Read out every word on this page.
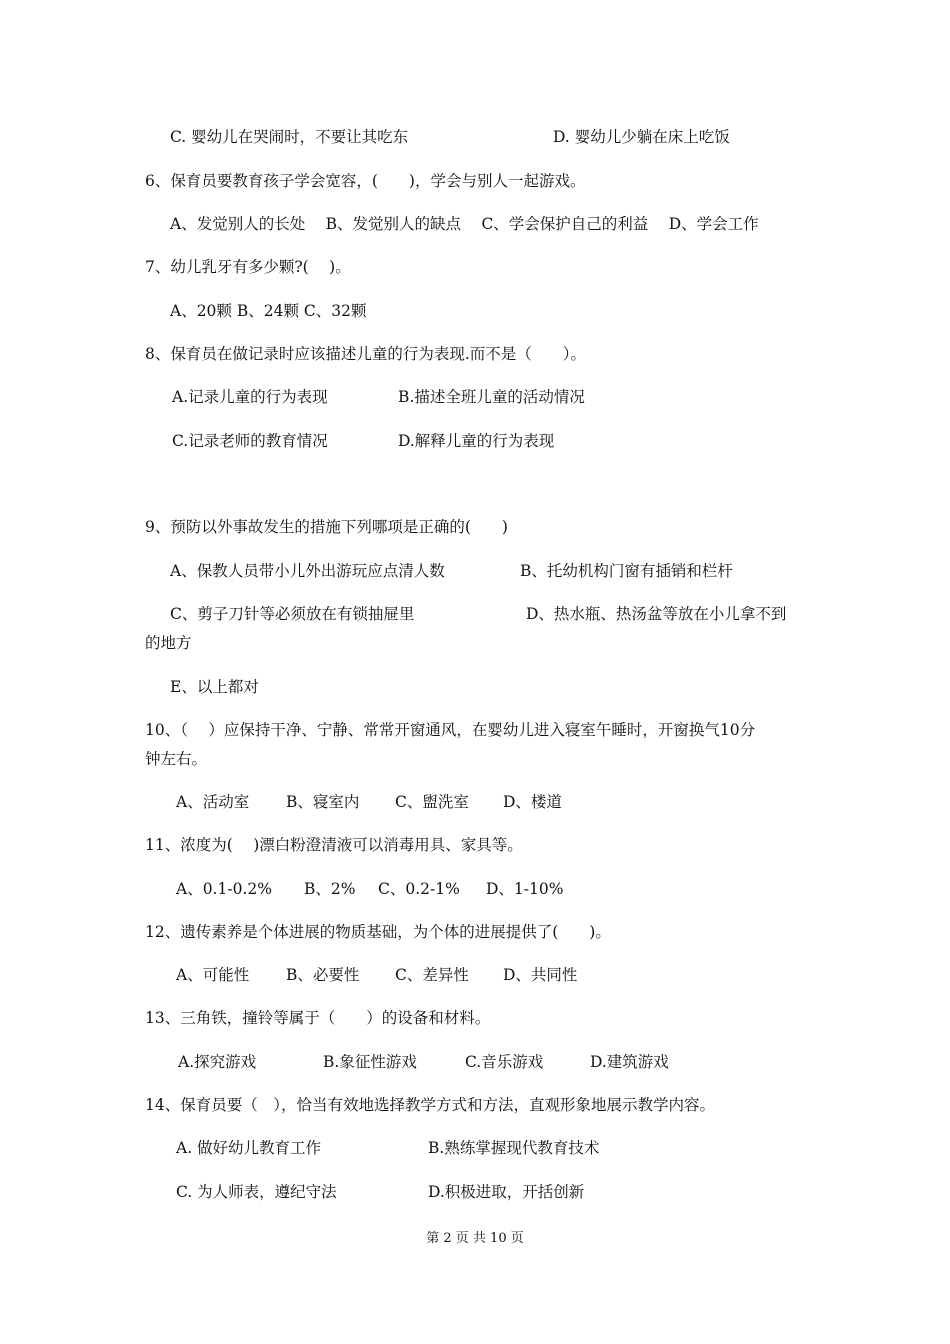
C. 婴幼儿在哭闹时，不要让其吃东	D. 婴幼儿少躺在床上吃饭
6、保育员要教育孩子学会宽容，(　　)，学会与别人一起游戏。
A、发觉别人的长处　 B、发觉别人的缺点　 C、学会保护自己的利益　 D、学会工作
7、幼儿乳牙有多少颗?(　 )。
A、20颗 B、24颗 C、32颗
8、保育员在做记录时应该描述儿童的行为表现.而不是（　　）。
A.记录儿童的行为表现	B.描述全班儿童的活动情况
C.记录老师的教育情况	D.解释儿童的行为表现
9、预防以外事故发生的措施下列哪项是正确的(　　)
A、保教人员带小儿外出游玩应点清人数	B、托幼机构门窗有插销和栏杆
C、剪子刀针等必须放在有锁抽屉里	D、热水瓶、热汤盆等放在小儿拿不到
的地方
E、以上都对
10、（　 ）应保持干净、宁静、常常开窗通风，在婴幼儿进入寝室午睡时，开窗换气10分
钟左右。
A、活动室 B、寝室内 C、盥洗室 D、楼道
11、浓度为(　 )漂白粉澄清液可以消毒用具、家具等。
A、0.1-0.2% B、2% C、0.2-1% D、1-10%
12、遗传素养是个体进展的物质基础，为个体的进展提供了(　　)。
A、可能性 B、必要性 C、差异性 D、共同性
13、三角铁，撞铃等属于（　　）的设备和材料。
A.探究游戏	B.象征性游戏	C.音乐游戏	D.建筑游戏
14、保育员要（　），恰当有效地选择教学方式和方法，直观形象地展示教学内容。
A. 做好幼儿教育工作	B.熟练掌握现代教育技术
C. 为人师表，遵纪守法	D.积极进取，开括创新
第 2 页 共 10 页
